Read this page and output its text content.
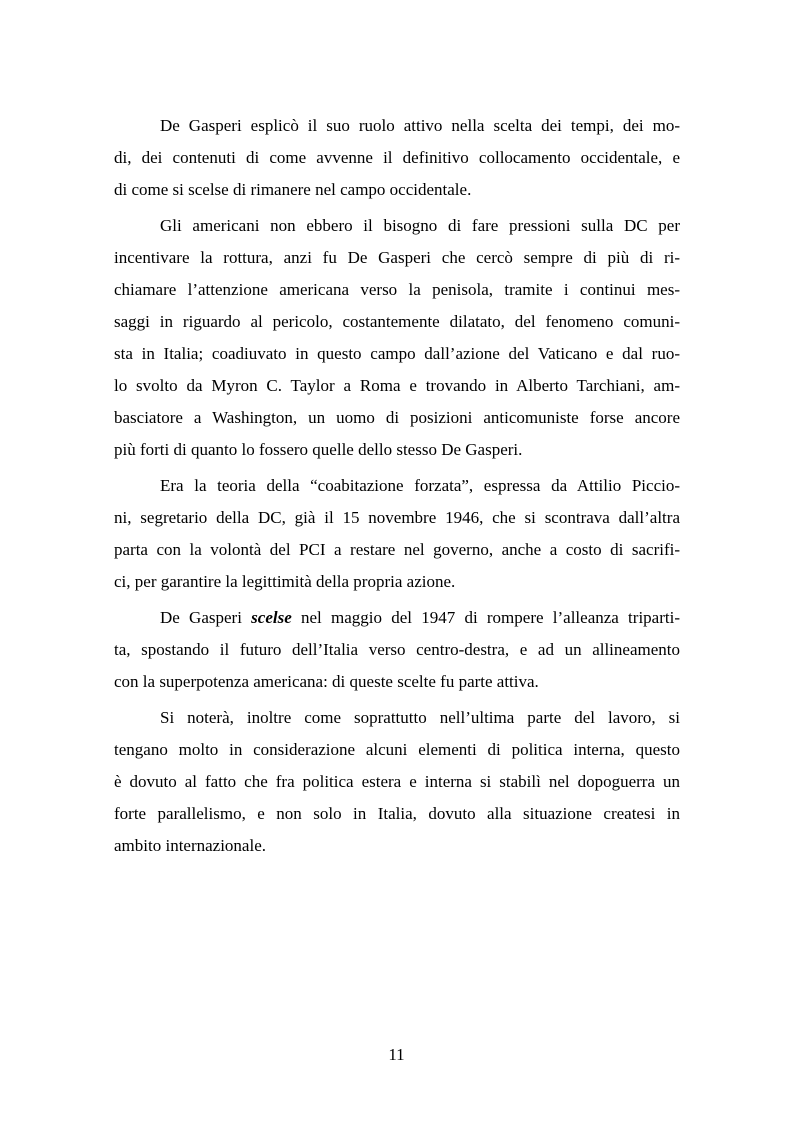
De Gasperi esplicò il suo ruolo attivo nella scelta dei tempi, dei mo-
di, dei contenuti di come avvenne il definitivo collocamento occidentale, e
di come si scelse di rimanere nel campo occidentale.
Gli americani non ebbero il bisogno di fare pressioni sulla DC per
incentivare la rottura, anzi fu De Gasperi che cercò sempre di più di ri-
chiamare l’attenzione americana verso la penisola, tramite i continui mes-
saggi in riguardo al pericolo, costantemente dilatato, del fenomeno comuni-
sta in Italia; coadiuvato in questo campo dall’azione del Vaticano e dal ruo-
lo svolto da Myron C. Taylor a Roma e trovando in Alberto Tarchiani, am-
basciatore a Washington, un uomo di posizioni anticomuniste forse ancore
più forti di quanto lo fossero quelle dello stesso De Gasperi.
Era la teoria della “coabitazione forzata”, espressa da Attilio Piccio-
ni, segretario della DC, già il 15 novembre 1946, che si scontrava dall’altra
parta con la volontà del PCI a restare nel governo, anche a costo di sacrifi-
ci, per garantire la legittimità della propria azione.
De Gasperi scelse nel maggio del 1947 di rompere l’alleanza triparti-
ta, spostando il futuro dell’Italia verso centro-destra, e ad un allineamento
con la superpotenza americana: di queste scelte fu parte attiva.
Si noterà, inoltre come soprattutto nell’ultima parte del lavoro, si
tengano molto in considerazione alcuni elementi di politica interna, questo
è dovuto al fatto che fra politica estera e interna si stabilì nel dopoguerra un
forte parallelismo, e non solo in Italia, dovuto alla situazione createsi in
ambito internazionale.
11
